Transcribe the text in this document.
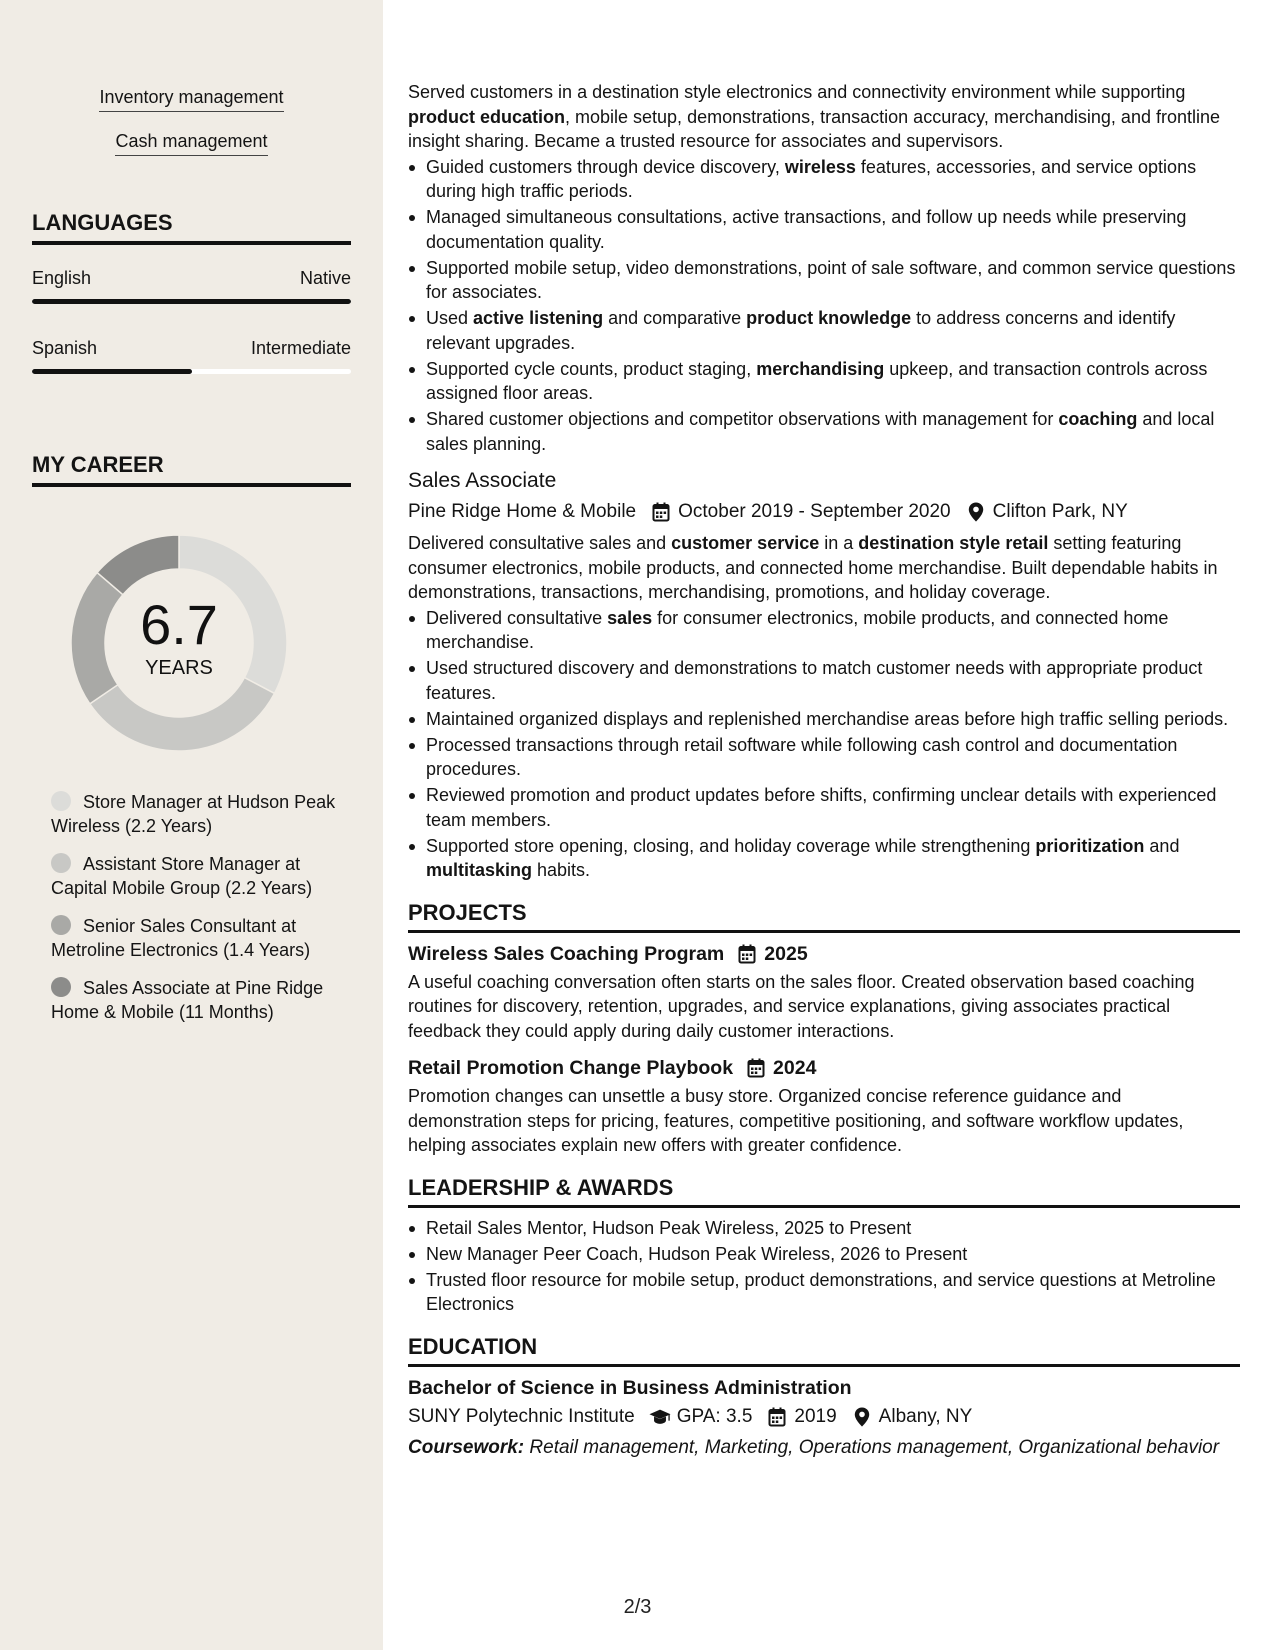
Inventory management
Cash management
LANGUAGES
English	Native
Spanish	Intermediate
MY CAREER
6.7
YEARS
Store Manager at Hudson Peak Wireless (2.2 Years)
Assistant Store Manager at Capital Mobile Group (2.2 Years)
Senior Sales Consultant at Metroline Electronics (1.4 Years)
Sales Associate at Pine Ridge Home & Mobile (11 Months)

Served customers in a destination style electronics and connectivity environment while supporting product education, mobile setup, demonstrations, transaction accuracy, merchandising, and frontline insight sharing. Became a trusted resource for associates and supervisors.

Guided customers through device discovery, wireless features, accessories, and service options during high traffic periods.
Managed simultaneous consultations, active transactions, and follow up needs while preserving documentation quality.
Supported mobile setup, video demonstrations, point of sale software, and common service questions for associates.
Used active listening and comparative product knowledge to address concerns and identify relevant upgrades.
Supported cycle counts, product staging, merchandising upkeep, and transaction controls across assigned floor areas.
Shared customer objections and competitor observations with management for coaching and local sales planning.
Sales Associate
Pine Ridge Home & Mobile October 2019 - September 2020 Clifton Park, NY

Delivered consultative sales and customer service in a destination style retail setting featuring consumer electronics, mobile products, and connected home merchandise. Built dependable habits in demonstrations, transactions, merchandising, promotions, and holiday coverage.

Delivered consultative sales for consumer electronics, mobile products, and connected home merchandise.
Used structured discovery and demonstrations to match customer needs with appropriate product features.
Maintained organized displays and replenished merchandise areas before high traffic selling periods.
Processed transactions through retail software while following cash control and documentation procedures.
Reviewed promotion and product updates before shifts, confirming unclear details with experienced team members.
Supported store opening, closing, and holiday coverage while strengthening prioritization and multitasking habits.
PROJECTS
Wireless Sales Coaching Program 2025

A useful coaching conversation often starts on the sales floor. Created observation based coaching routines for discovery, retention, upgrades, and service explanations, giving associates practical feedback they could apply during daily customer interactions.

Retail Promotion Change Playbook 2024

Promotion changes can unsettle a busy store. Organized concise reference guidance and demonstration steps for pricing, features, competitive positioning, and software workflow updates, helping associates explain new offers with greater confidence.

LEADERSHIP & AWARDS
Retail Sales Mentor, Hudson Peak Wireless, 2025 to Present
New Manager Peer Coach, Hudson Peak Wireless, 2026 to Present
Trusted floor resource for mobile setup, product demonstrations, and service questions at Metroline Electronics
EDUCATION
Bachelor of Science in Business Administration
SUNY Polytechnic Institute GPA: 3.5 2019 Albany, NY

Coursework: Retail management, Marketing, Operations management, Organizational behavior

2/3
